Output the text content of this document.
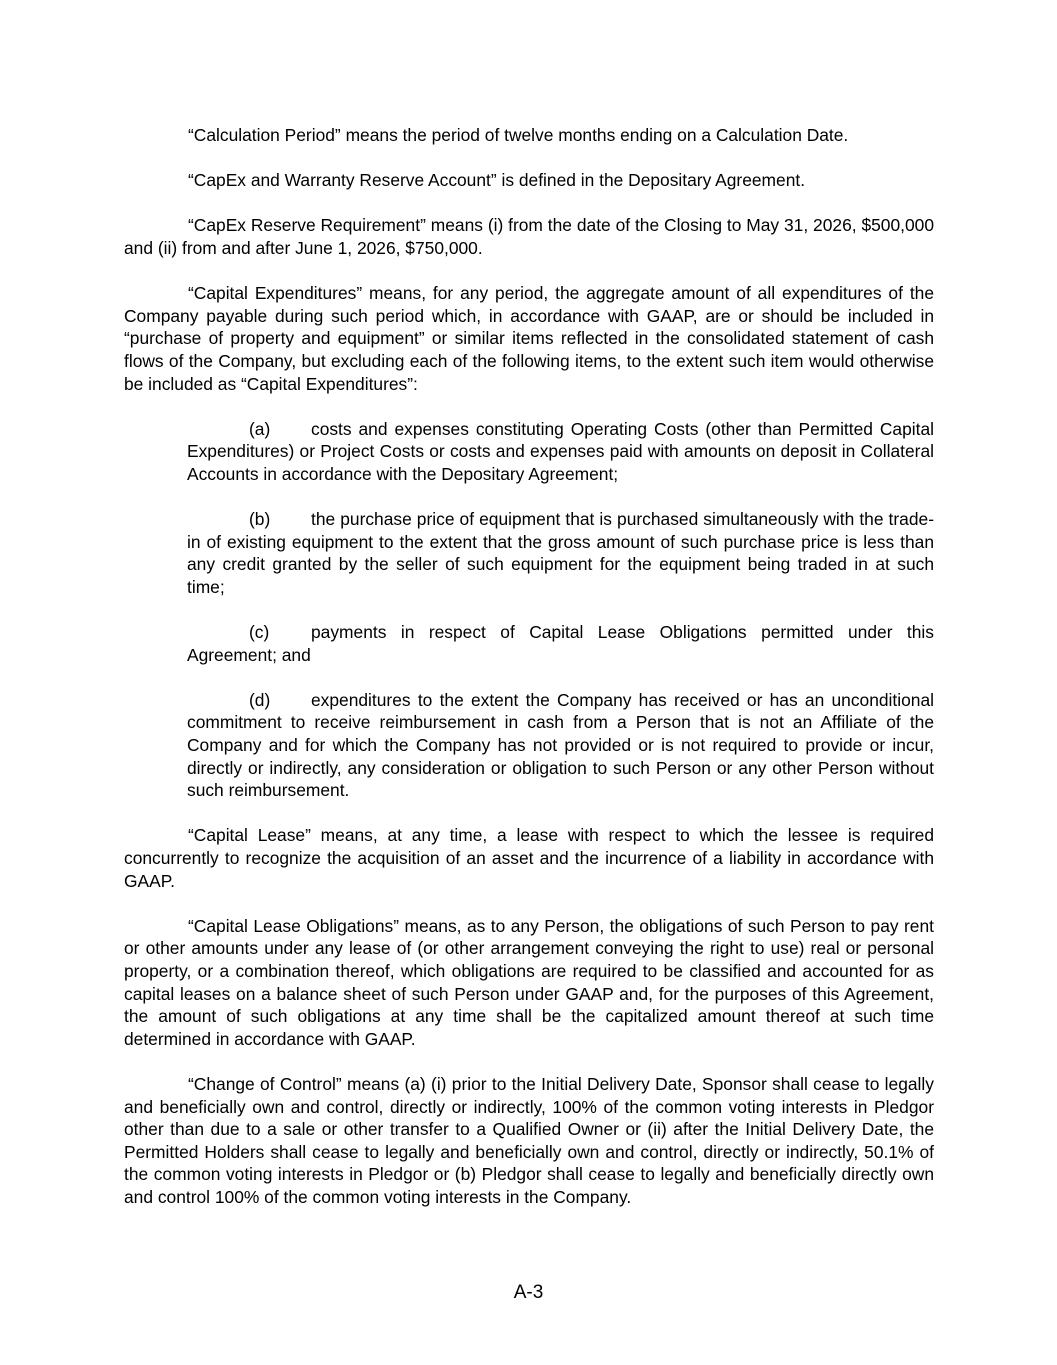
“Calculation Period” means the period of twelve months ending on a Calculation Date.

“CapEx and Warranty Reserve Account” is defined in the Depositary Agreement.

“CapEx Reserve Requirement” means (i) from the date of the Closing to May 31, 2026, $500,000 and (ii) from and after June 1, 2026, $750,000.

“Capital Expenditures” means, for any period, the aggregate amount of all expenditures of the Company payable during such period which, in accordance with GAAP, are or should be included in “purchase of property and equipment” or similar items reflected in the consolidated statement of cash flows of the Company, but excluding each of the following items, to the extent such item would otherwise be included as “Capital Expenditures”:

(a) costs and expenses constituting Operating Costs (other than Permitted Capital Expenditures) or Project Costs or costs and expenses paid with amounts on deposit in Collateral Accounts in accordance with the Depositary Agreement;

(b) the purchase price of equipment that is purchased simultaneously with the trade-in of existing equipment to the extent that the gross amount of such purchase price is less than any credit granted by the seller of such equipment for the equipment being traded in at such time;

(c) payments in respect of Capital Lease Obligations permitted under this Agreement; and

(d) expenditures to the extent the Company has received or has an unconditional commitment to receive reimbursement in cash from a Person that is not an Affiliate of the Company and for which the Company has not provided or is not required to provide or incur, directly or indirectly, any consideration or obligation to such Person or any other Person without such reimbursement.

“Capital Lease” means, at any time, a lease with respect to which the lessee is required concurrently to recognize the acquisition of an asset and the incurrence of a liability in accordance with GAAP.

“Capital Lease Obligations” means, as to any Person, the obligations of such Person to pay rent or other amounts under any lease of (or other arrangement conveying the right to use) real or personal property, or a combination thereof, which obligations are required to be classified and accounted for as capital leases on a balance sheet of such Person under GAAP and, for the purposes of this Agreement, the amount of such obligations at any time shall be the capitalized amount thereof at such time determined in accordance with GAAP.

“Change of Control” means (a) (i) prior to the Initial Delivery Date, Sponsor shall cease to legally and beneficially own and control, directly or indirectly, 100% of the common voting interests in Pledgor other than due to a sale or other transfer to a Qualified Owner or (ii) after the Initial Delivery Date, the Permitted Holders shall cease to legally and beneficially own and control, directly or indirectly, 50.1% of the common voting interests in Pledgor or (b) Pledgor shall cease to legally and beneficially directly own and control 100% of the common voting interests in the Company.

A-3
